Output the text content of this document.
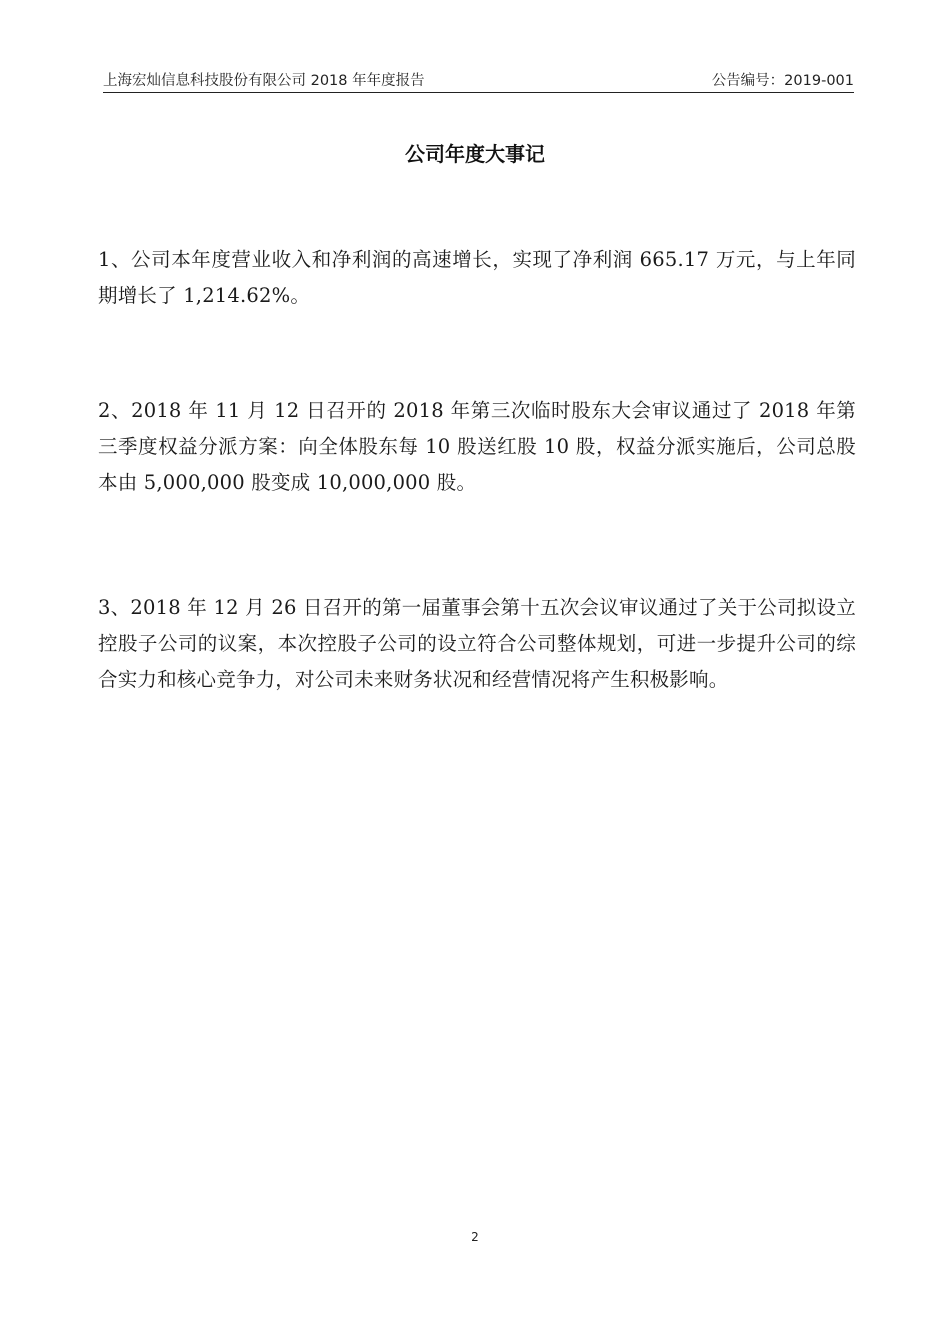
上海宏灿信息科技股份有限公司 2018 年年度报告	公告编号：2019-001
公司年度大事记

1、公司本年度营业收入和净利润的高速增长，实现了净利润 665.17 万元，与上年同期增长了 1,214.62%。

2、2018 年 11 月 12 日召开的 2018 年第三次临时股东大会审议通过了 2018 年第三季度权益分派方案：向全体股东每 10 股送红股 10 股，权益分派实施后，公司总股本由 5,000,000 股变成 10,000,000 股。

3、2018 年 12 月 26 日召开的第一届董事会第十五次会议审议通过了关于公司拟设立控股子公司的议案，本次控股子公司的设立符合公司整体规划，可进一步提升公司的综合实力和核心竞争力，对公司未来财务状况和经营情况将产生积极影响。

2
